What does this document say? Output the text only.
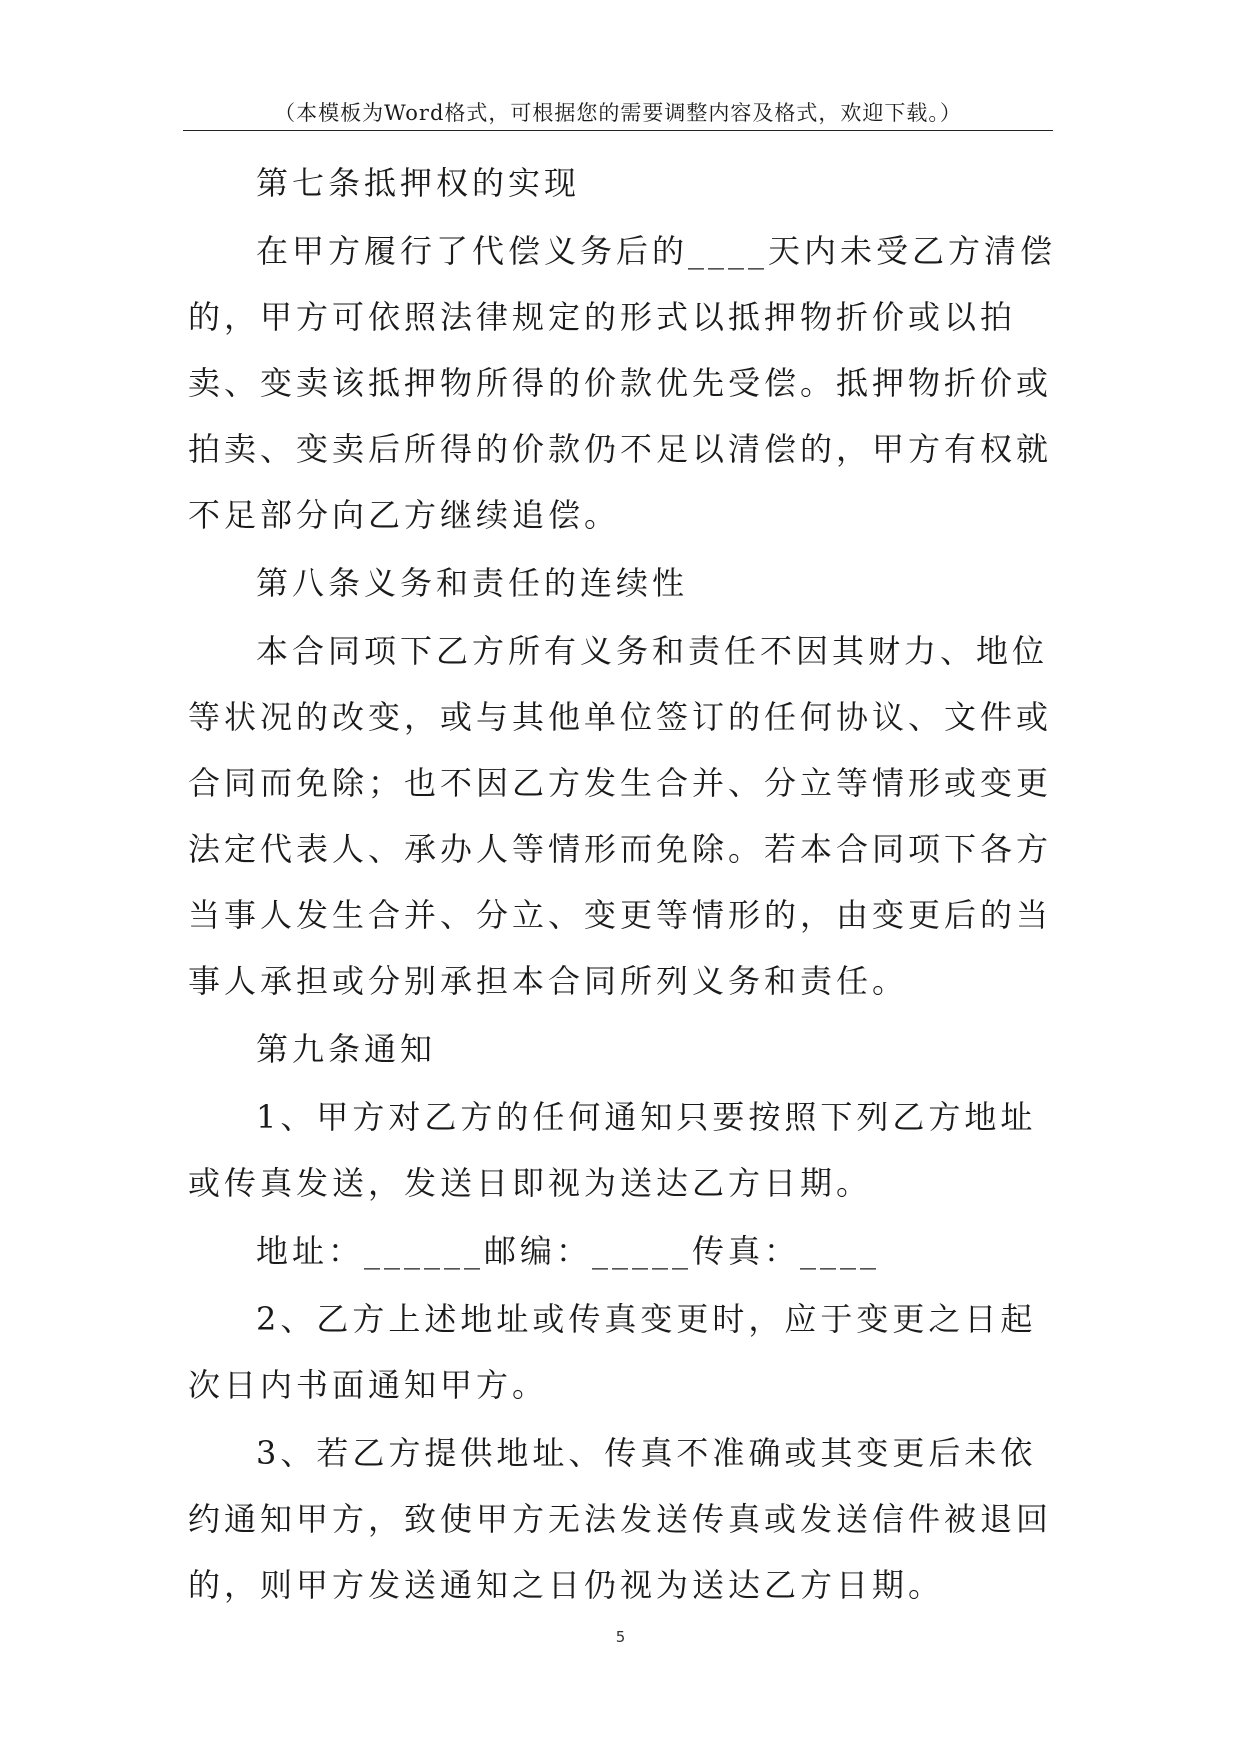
（本模板为Word格式，可根据您的需要调整内容及格式，欢迎下载。）

第七条抵押权的实现

在甲方履行了代偿义务后的____天内未受乙方清偿的，甲方可依照法律规定的形式以抵押物折价或以拍卖、变卖该抵押物所得的价款优先受偿。抵押物折价或拍卖、变卖后所得的价款仍不足以清偿的，甲方有权就不足部分向乙方继续追偿。

第八条义务和责任的连续性

本合同项下乙方所有义务和责任不因其财力、地位等状况的改变，或与其他单位签订的任何协议、文件或合同而免除；也不因乙方发生合并、分立等情形或变更法定代表人、承办人等情形而免除。若本合同项下各方当事人发生合并、分立、变更等情形的，由变更后的当事人承担或分别承担本合同所列义务和责任。

第九条通知

1、甲方对乙方的任何通知只要按照下列乙方地址或传真发送，发送日即视为送达乙方日期。

地址：______邮编：_____传真：____

2、乙方上述地址或传真变更时，应于变更之日起次日内书面通知甲方。

3、若乙方提供地址、传真不准确或其变更后未依约通知甲方，致使甲方无法发送传真或发送信件被退回的，则甲方发送通知之日仍视为送达乙方日期。

5
